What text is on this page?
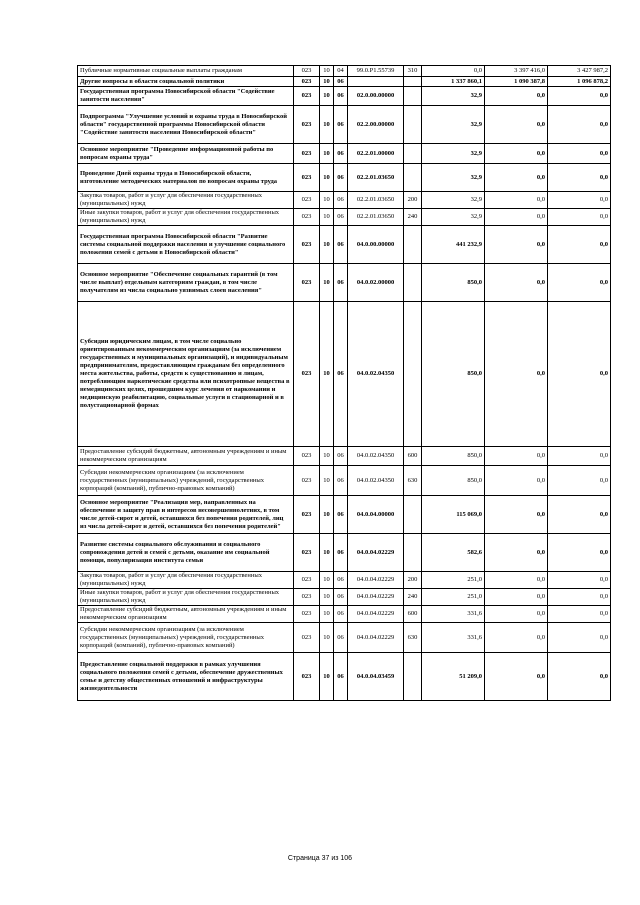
Публичные нормативные социальные выплаты гражданам	023	10	04	99.0.P1.55739	310	0,0	3 397 416,0	3 427 987,2
Другие вопросы в области социальной политики	023	10	06			1 337 860,1	1 090 387,8	1 096 878,2
Государственная программа Новосибирской области "Содействие занятости населения"	023	10	06	02.0.00.00000		32,9	0,0	0,0
Подпрограмма "Улучшение условий и охраны труда в Новосибирской области" государственной программы Новосибирской области "Содействие занятости населения Новосибирской области"	023	10	06	02.2.00.00000		32,9	0,0	0,0
Основное мероприятие "Проведение информационной работы по вопросам охраны труда"	023	10	06	02.2.01.00000		32,9	0,0	0,0
Проведение Дней охраны труда в Новосибирской области, изготовление методических материалов по вопросам охраны труда	023	10	06	02.2.01.03650		32,9	0,0	0,0
Закупка товаров, работ и услуг для обеспечения государственных (муниципальных) нужд	023	10	06	02.2.01.03650	200	32,9	0,0	0,0
Иные закупки товаров, работ и услуг для обеспечения государственных (муниципальных) нужд	023	10	06	02.2.01.03650	240	32,9	0,0	0,0
Государственная программа Новосибирской области "Развитие системы социальной поддержки населения и улучшение социального положения семей с детьми в Новосибирской области"	023	10	06	04.0.00.00000		441 232,9	0,0	0,0
Основное мероприятие "Обеспечение социальных гарантий (в том числе выплат) отдельным категориям граждан, в том числе получателям из числа социально уязвимых слоев населения"	023	10	06	04.0.02.00000		850,0	0,0	0,0
Субсидии юридическим лицам, в том числе социально ориентированным некоммерческим организациям (за исключением государственных и муниципальных организаций), и индивидуальным предпринимателям, предоставляющим гражданам без определенного места жительства, работы, средств к существованию и лицам, потребляющим наркотические средства или психотропные вещества в немедицинских целях, прошедшим курс лечения от наркомании и медицинскую реабилитацию, социальные услуги в стационарной и в полустационарной формах	023	10	06	04.0.02.04350		850,0	0,0	0,0
Предоставление субсидий бюджетным, автономным учреждениям и иным некоммерческим организациям	023	10	06	04.0.02.04350	600	850,0	0,0	0,0
Субсидии некоммерческим организациям (за исключением государственных (муниципальных) учреждений, государственных корпораций (компаний), публично-правовых компаний)	023	10	06	04.0.02.04350	630	850,0	0,0	0,0
Основное мероприятие "Реализация мер, направленных на обеспечение и защиту прав и интересов несовершеннолетних, в том числе детей-сирот и детей, оставшихся без попечения родителей, лиц из числа детей-сирот и детей, оставшихся без попечения родителей"	023	10	06	04.0.04.00000		115 069,0	0,0	0,0
Развитие системы социального обслуживания и социального сопровождения детей и семей с детьми, оказание им социальной помощи, популяризация института семьи	023	10	06	04.0.04.02229		582,6	0,0	0,0
Закупка товаров, работ и услуг для обеспечения государственных (муниципальных) нужд	023	10	06	04.0.04.02229	200	251,0	0,0	0,0
Иные закупки товаров, работ и услуг для обеспечения государственных (муниципальных) нужд	023	10	06	04.0.04.02229	240	251,0	0,0	0,0
Предоставление субсидий бюджетным, автономным учреждениям и иным некоммерческим организациям	023	10	06	04.0.04.02229	600	331,6	0,0	0,0
Субсидии некоммерческим организациям (за исключением государственных (муниципальных) учреждений, государственных корпораций (компаний), публично-правовых компаний)	023	10	06	04.0.04.02229	630	331,6	0,0	0,0
Предоставление социальной поддержки в рамках улучшения социального положения семей с детьми, обеспечение дружественных семье и детству общественных отношений и инфраструктуры жизнедеятельности	023	10	06	04.0.04.03459		51 209,0	0,0	0,0
Страница 37 из 106
